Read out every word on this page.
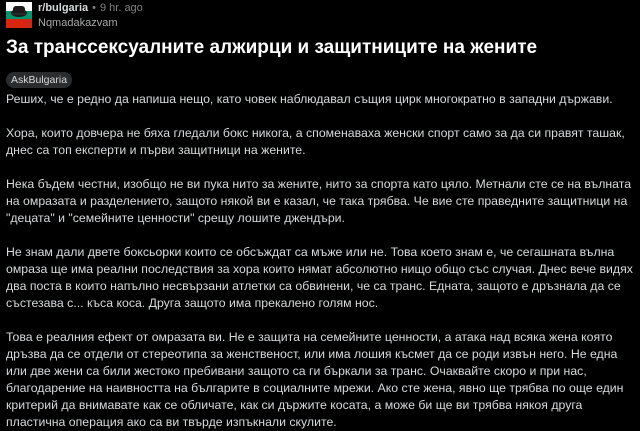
r/bulgaria • 9 hr. ago
Nqmadakazvam
За транссексуалните алжирци и защитниците на жените
AskBulgaria

Реших, че е редно да напиша нещо, като човек наблюдавал същия цирк многократно в западни държави.

Хора, които довчера не бяха гледали бокс никога, а споменаваха женски спорт само за да си правят ташак, днес са топ експерти и първи защитници на жените.

Нека бъдем честни, изобщо не ви пука нито за жените, нито за спорта като цяло. Метнали сте се на вълната на омразата и разделението, защото някой ви е казал, че така трябва. Че вие сте праведните защитници на "децата" и "семейните ценности" срещу лошите джендъри.

Не знам дали двете боксьорки които се обсъждат са мъже или не. Това което знам е, че сегашната вълна омраза ще има реални последствия за хора които нямат абсолютно нищо общо със случая. Днес вече видях два поста в които напълно несвързани атлетки са обвинени, че са транс. Едната, защото е дръзнала да се състезава с... къса коса. Друга защото има прекалено голям нос.

Това е реалния ефект от омразата ви. Не е защита на семейните ценности, а атака над всяка жена която дръзва да се отдели от стереотипа за женственост, или има лошия късмет да се роди извън него. Не една или две жени са били жестоко пребивани защото са ги бъркали за транс. Очаквайте скоро и при нас, благодарение на наивността на българите в социалните мрежи. Ако сте жена, явно ще трябва по още един критерий да внимавате как се обличате, как си държите косата, а може би ще ви трябва някоя друга пластична операция ако са ви твърде изпъкнали скулите.
